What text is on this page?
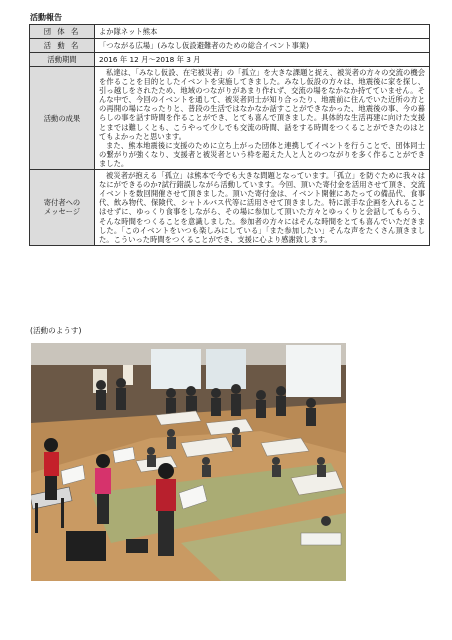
活動報告
団 体 名	よか隊ネット熊本
活 動 名	「つながる広場」(みなし仮設避難者のための総合イベント事業)
活動期間	2016 年 12 月～2018 年 3 月
活動の成果	私達は、「みなし仮設、在宅被災者」の「孤立」を大きな課題と捉え、被災者の方々の交流の機会を作ることを目的としたイベントを実施してきました。みなし仮設の方々は、地震後に家を探し、引っ越しをされたため、地域のつながりがあまり作れず、交流の場をなかなか持てていません。そんな中で、今回のイベントを通して、被災者同士が知り合ったり、地震前に住んでいた近所の方との再開の場になったりと、普段の生活ではなかなか話すことができなかった、地震後の事、今の暮らしの事を話す時間を作ることができ、とても喜んで頂きました。具体的な生活再建に向けた支援とまでは難しくとも、こうやって少しでも交流の時間、話をする時間をつくることができたのはとてもよかったと思います。
また、熊本地震後に支援のために立ち上がった団体と連携してイベントを行うことで、団体同士の繋がりが強くなり、支援者と被災者という枠を超えた人と人とのつながりを多く作ることができました。

寄付者への
メッセージ	被災者が抱える「孤立」は熊本で今でも大きな問題となっています。「孤立」を防ぐために我々はなにができるのか?試行錯誤しながら活動しています。今回、頂いた寄付金を活用させて頂き、交流イベントを数回開催させて頂きました。頂いた寄付金は、イベント開催にあたっての備品代、食事代、飲み物代、保険代、シャトルバス代等に活用させて頂きました。特に派手な企画を入れることはせずに、ゆっくり食事をしながら、その場に参加して頂いた方々とゆっくりと会話してもらう、そんな時間をつくることを意識しました。参加者の方々にはそんな時間をとても喜んでいただきました。「このイベントをいつも楽しみにしている」「また参加したい」そんな声をたくさん頂きました。こういった時間をつくることができ、支援に心より感謝致します。
(活動のようす)
